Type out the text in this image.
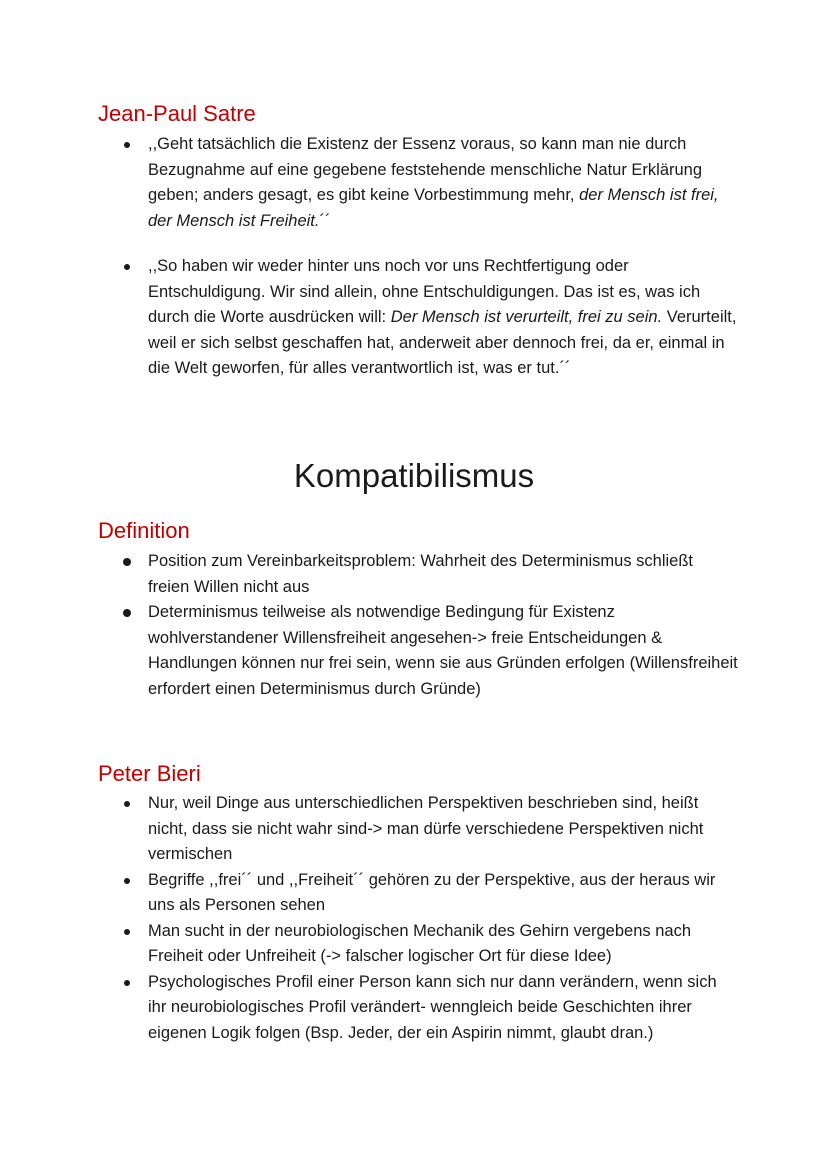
Jean-Paul Satre
,,Geht tatsächlich die Existenz der Essenz voraus, so kann man nie durch Bezugnahme auf eine gegebene feststehende menschliche Natur Erklärung geben; anders gesagt, es gibt keine Vorbestimmung mehr, der Mensch ist frei, der Mensch ist Freiheit.´´
,,So haben wir weder hinter uns noch vor uns Rechtfertigung oder Entschuldigung. Wir sind allein, ohne Entschuldigungen. Das ist es, was ich durch die Worte ausdrücken will: Der Mensch ist verurteilt, frei zu sein. Verurteilt, weil er sich selbst geschaffen hat, anderweit aber dennoch frei, da er, einmal in die Welt geworfen, für alles verantwortlich ist, was er tut.´´
Kompatibilismus
Definition
Position zum Vereinbarkeitsproblem: Wahrheit des Determinismus schließt freien Willen nicht aus
Determinismus teilweise als notwendige Bedingung für Existenz wohlverstandener Willensfreiheit angesehen-> freie Entscheidungen & Handlungen können nur frei sein, wenn sie aus Gründen erfolgen (Willensfreiheit erfordert einen Determinismus durch Gründe)
Peter Bieri
Nur, weil Dinge aus unterschiedlichen Perspektiven beschrieben sind, heißt nicht, dass sie nicht wahr sind-> man dürfe verschiedene Perspektiven nicht vermischen
Begriffe ,,frei´´ und ,,Freiheit´´ gehören zu der Perspektive, aus der heraus wir uns als Personen sehen
Man sucht in der neurobiologischen Mechanik des Gehirn vergebens nach Freiheit oder Unfreiheit (-> falscher logischer Ort für diese Idee)
Psychologisches Profil einer Person kann sich nur dann verändern, wenn sich ihr neurobiologisches Profil verändert- wenngleich beide Geschichten ihrer eigenen Logik folgen (Bsp. Jeder, der ein Aspirin nimmt, glaubt dran.)
